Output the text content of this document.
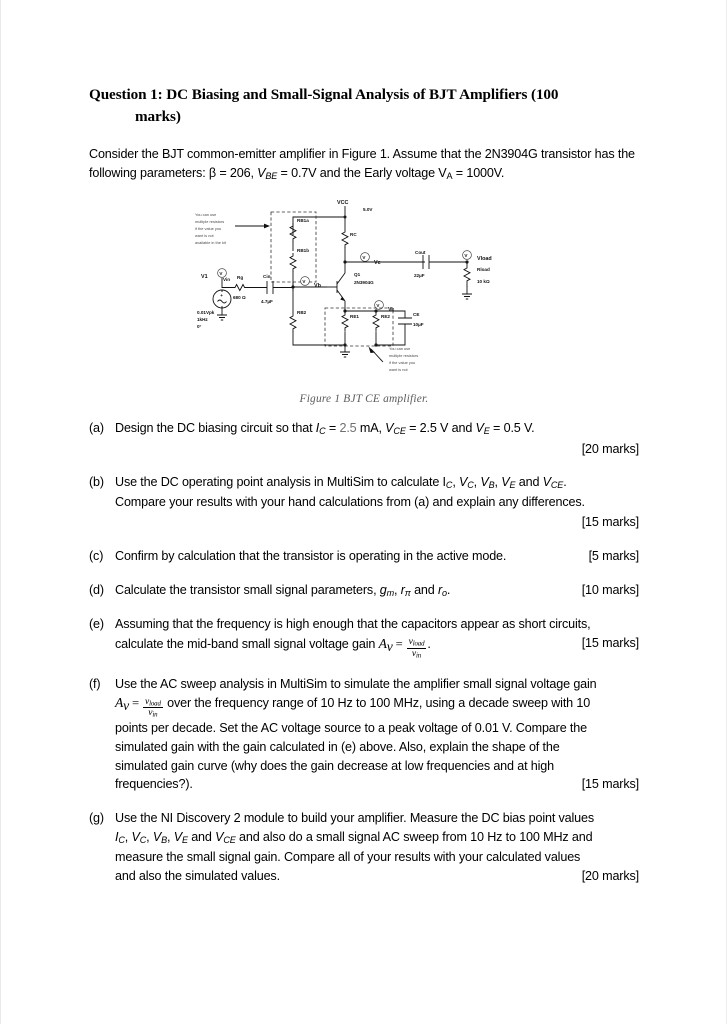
Question 1: DC Biasing and Small-Signal Analysis of BJT Amplifiers (100
marks)

Consider the BJT common-emitter amplifier in Figure 1. Assume that the 2N3904G transistor has the following parameters: β = 206, $V_{BE} = 0.7V$ and the Early voltage $V_A = 1000V$.

VCC
5.0V
RB1a
RB1b
RC
V
Vc
Cout
22µF
V
Vload
Rload
10 kΩ
Q1
2N3904G
V
Vb
Cin
4.7µF
Rg
680 Ω
Vin
V
V1
+
0.01Vpk
1kHz
0°
RB2
V
Ve
RE1	RE2	CE
10µF
You can use
multiple resistors
if the value you
want is not
available in the kit
You can use
multiple resistors
if the value you
want is not
Figure 1 BJT CE amplifier.
(a) Design the DC biasing circuit so that $I_C = 2.5$ mA, $V_{CE} = 2.5$ V and $V_E = 0.5$ V.
[20 marks]
(b) Use the DC operating point analysis in MultiSim to calculate $I_C$, $V_C$, $V_B$, $V_E$ and $V_{CE}$.
Compare your results with your hand calculations from (a) and explain any differences.
[15 marks]
(c)	[5 marks]
Confirm by calculation that the transistor is operating in the active mode.
(d)	[10 marks]
Calculate the transistor small signal parameters, $g_m$, $r_\pi$ and $r_o$.
(e) Assuming that the frequency is high enough that the capacitors appear as short circuits,

[15 marks]
calculate the mid-band small signal voltage gain $A_v = \frac{v_{load}}{v_{in}}$ .
(f)	Use the AC sweep analysis in MultiSim to simulate the amplifier small signal voltage gain
$A_v = \frac{v_{load}}{v_{in}}$ over the frequency range of 10 Hz to 100 MHz, using a decade sweep with 10
points per decade. Set the AC voltage source to a peak voltage of 0.01 V. Compare the
simulated gain with the gain calculated in (e) above. Also, explain the shape of the
simulated gain curve (why does the gain decrease at low frequencies and at high

[15 marks]
frequencies?).
(g) Use the NI Discovery 2 module to build your amplifier. Measure the DC bias point values
$I_C$, $V_C$, $V_B$, $V_E$ and $V_{CE}$ and also do a small signal AC sweep from 10 Hz to 100 MHz and
measure the small signal gain. Compare all of your results with your calculated values

[20 marks]
and also the simulated values.
